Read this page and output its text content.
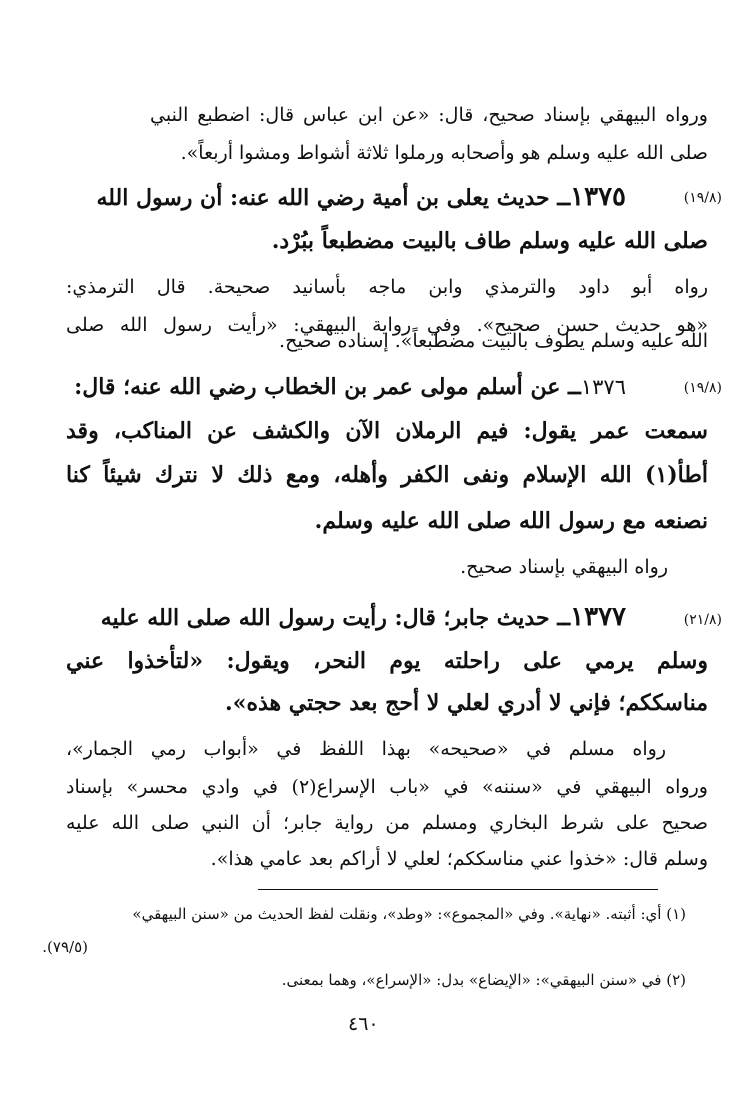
ورواه البيهقي بإسناد صحيح، قال: «عن ابن عباس قال: اضطبع النبي
صلى الله عليه وسلم هو وأصحابه ورملوا ثلاثة أشواط ومشوا أربعاً».
(١٩/٨)
١٣٧٥ــ حديث يعلى بن أمية رضي الله عنه: أن رسول الله
صلى الله عليه وسلم طاف بالبيت مضطبعاً ببُرْد.
رواه أبو داود والترمذي وابن ماجه بأسانيد صحيحة. قال الترمذي:
«هو حديث حسن صحيح». وفي رواية البيهقي: «رأيت رسول الله صلى
الله عليه وسلم يطوف بالبيت مضطبعاً». إسناده صحيح.
(١٩/٨)
١٣٧٦ــ عن أسلم مولى عمر بن الخطاب رضي الله عنه؛ قال:
سمعت عمر يقول: فيم الرملان الآن والكشف عن المناكب، وقد
أطأ(١) الله الإسلام ونفى الكفر وأهله، ومع ذلك لا نترك شيئاً كنا
نصنعه مع رسول الله صلى الله عليه وسلم.
رواه البيهقي بإسناد صحيح.
(٢١/٨)
١٣٧٧ــ حديث جابر؛ قال: رأيت رسول الله صلى الله عليه
وسلم يرمي على راحلته يوم النحر، ويقول: «لتأخذوا عني
مناسككم؛ فإني لا أدري لعلي لا أحج بعد حجتي هذه».
رواه مسلم في «صحيحه» بهذا اللفظ في «أبواب رمي الجمار»،
ورواه البيهقي في «سننه» في «باب الإسراع(٢) في وادي محسر» بإسناد
صحيح على شرط البخاري ومسلم من رواية جابر؛ أن النبي صلى الله عليه
وسلم قال: «خذوا عني مناسككم؛ لعلي لا أراكم بعد عامي هذا».
(١) أي: أثبته. «نهاية». وفي «المجموع»: «وطد»، ونقلت لفظ الحديث من «سنن البيهقي»
(٧٩/٥).
(٢) في «سنن البيهقي»: «الإيضاع» بدل: «الإسراع»، وهما بمعنى.
٤٦٠
